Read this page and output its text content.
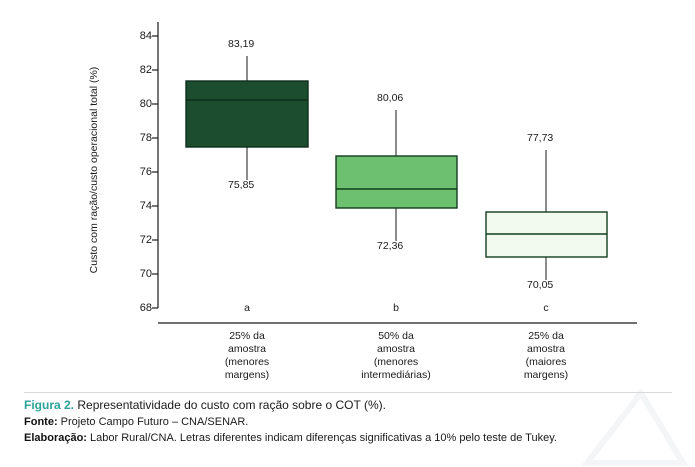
Custo com ração/custo operacional total (%)
84
82
80
78
76
74
72
70
68
83,19
75,85
80,06
72,36
77,73
70,05
a	b	c
25% da
amostra
(menores
margens)
50% da
amostra
(menores
intermediárias)
25% da
amostra
(maiores
margens)
Figura 2. Representatividade do custo com ração sobre o COT (%).
Fonte: Projeto Campo Futuro – CNA/SENAR.
Elaboração: Labor Rural/CNA. Letras diferentes indicam diferenças significativas a 10% pelo teste de Tukey.
